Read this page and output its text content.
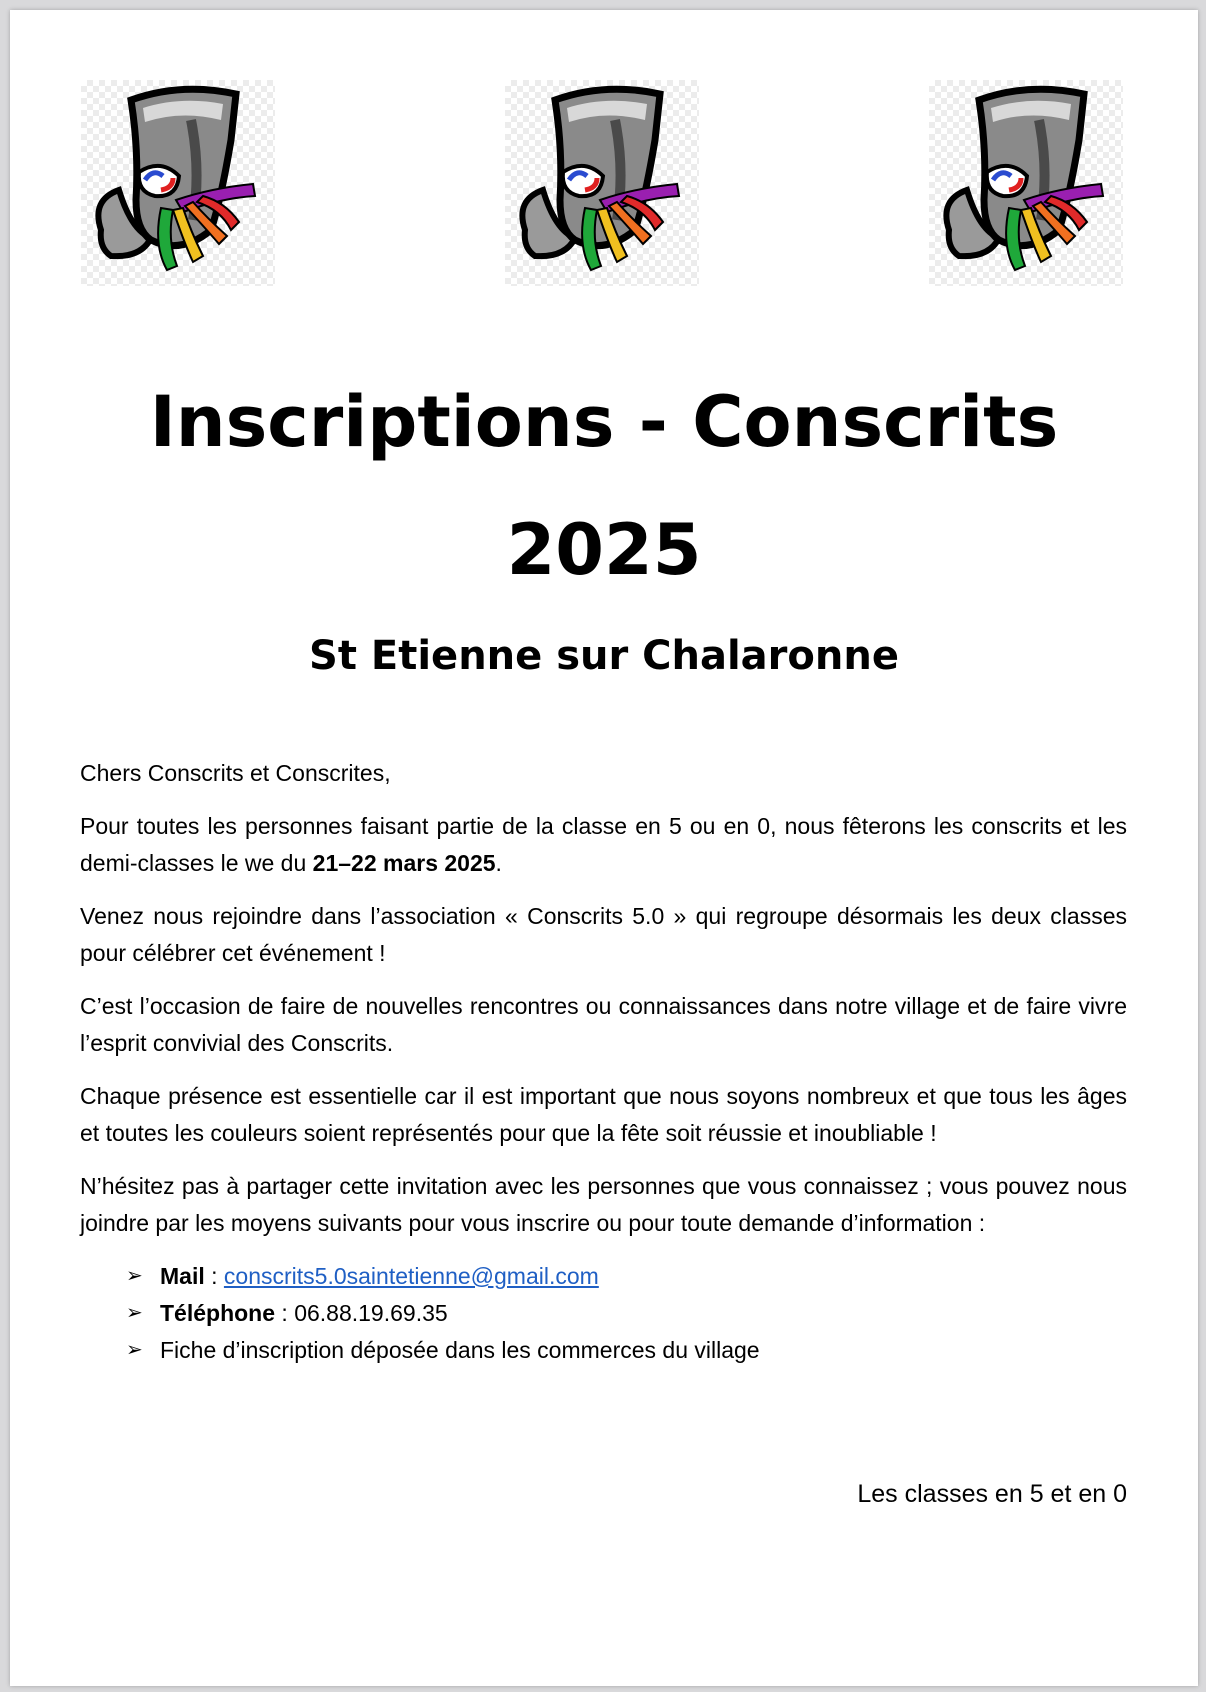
Inscriptions - Conscrits
2025
St Etienne sur Chalaronne

Chers Conscrits et Conscrites,

Pour toutes les personnes faisant partie de la classe en 5 ou en 0, nous fêterons les conscrits et les demi-classes le we du 21–22 mars 2025.

Venez nous rejoindre dans l’association « Conscrits 5.0 » qui regroupe désormais les deux classes pour célébrer cet événement !

C’est l’occasion de faire de nouvelles rencontres ou connaissances dans notre village et de faire vivre l’esprit convivial des Conscrits.

Chaque présence est essentielle car il est important que nous soyons nombreux et que tous les âges et toutes les couleurs soient représentés pour que la fête soit réussie et inoubliable !

N’hésitez pas à partager cette invitation avec les personnes que vous connaissez ; vous pouvez nous joindre par les moyens suivants pour vous inscrire ou pour toute demande d’information :

➢ Mail : conscrits5.0saintetienne@gmail.com
➢ Téléphone : 06.88.19.69.35
➢ Fiche d’inscription déposée dans les commerces du village
Les classes en 5 et en 0
